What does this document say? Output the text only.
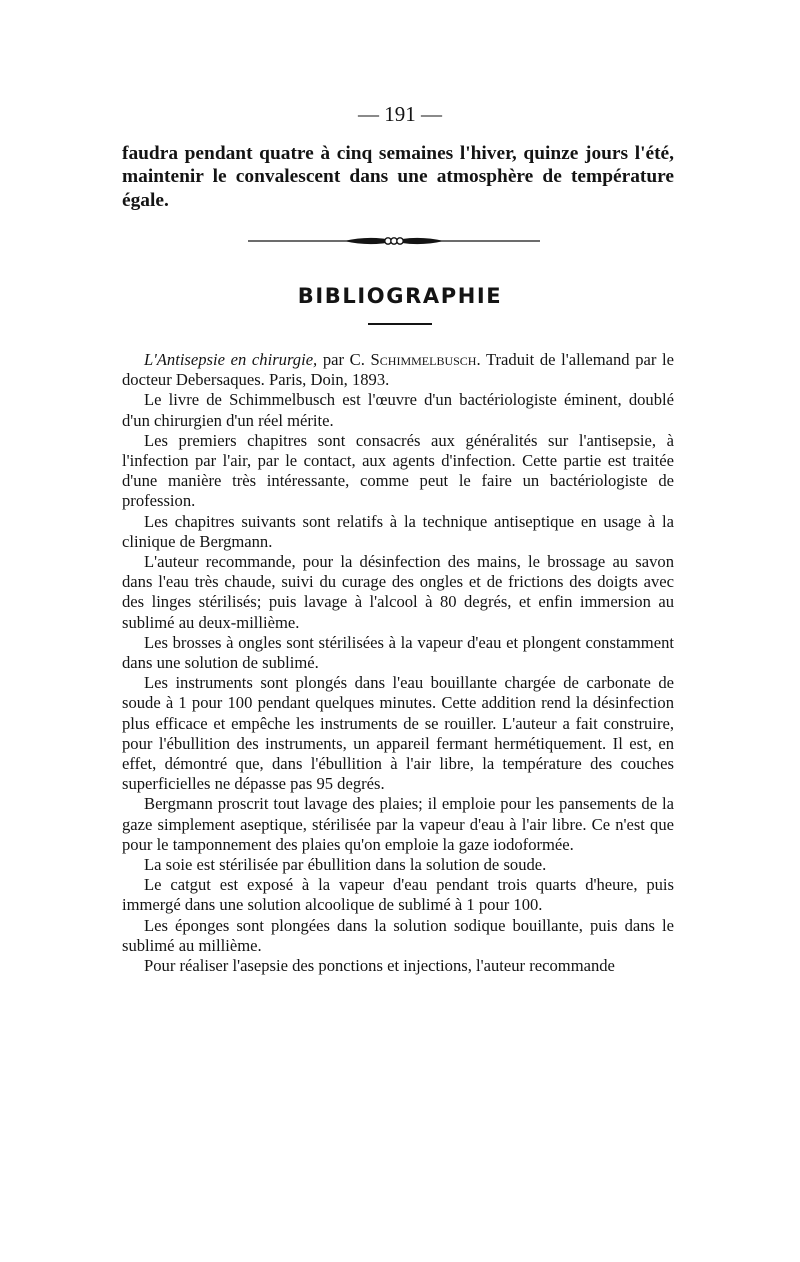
— 191 —
faudra pendant quatre à cinq semaines l'hiver, quinze jours l'été, maintenir le convalescent dans une atmosphère de température égale.
BIBLIOGRAPHIE

L'Antisepsie en chirurgie, par C. Schimmelbusch. Traduit de l'allemand par le docteur Debersaques. Paris, Doin, 1893.

Le livre de Schimmelbusch est l'œuvre d'un bactériologiste éminent, doublé d'un chirurgien d'un réel mérite.

Les premiers chapitres sont consacrés aux généralités sur l'antisepsie, à l'infection par l'air, par le contact, aux agents d'infection. Cette partie est traitée d'une manière très intéressante, comme peut le faire un bactériologiste de profession.

Les chapitres suivants sont relatifs à la technique antiseptique en usage à la clinique de Bergmann.

L'auteur recommande, pour la désinfection des mains, le brossage au savon dans l'eau très chaude, suivi du curage des ongles et de frictions des doigts avec des linges stérilisés; puis lavage à l'alcool à 80 degrés, et enfin immersion au sublimé au deux-millième.

Les brosses à ongles sont stérilisées à la vapeur d'eau et plongent constamment dans une solution de sublimé.

Les instruments sont plongés dans l'eau bouillante chargée de carbonate de soude à 1 pour 100 pendant quelques minutes. Cette addition rend la désinfection plus efficace et empêche les instruments de se rouiller. L'auteur a fait construire, pour l'ébullition des instruments, un appareil fermant hermétiquement. Il est, en effet, démontré que, dans l'ébullition à l'air libre, la température des couches superficielles ne dépasse pas 95 degrés.

Bergmann proscrit tout lavage des plaies; il emploie pour les pansements de la gaze simplement aseptique, stérilisée par la vapeur d'eau à l'air libre. Ce n'est que pour le tamponnement des plaies qu'on emploie la gaze iodoformée.

La soie est stérilisée par ébullition dans la solution de soude.

Le catgut est exposé à la vapeur d'eau pendant trois quarts d'heure, puis immergé dans une solution alcoolique de sublimé à 1 pour 100.

Les éponges sont plongées dans la solution sodique bouillante, puis dans le sublimé au millième.

Pour réaliser l'asepsie des ponctions et injections, l'auteur recommande
